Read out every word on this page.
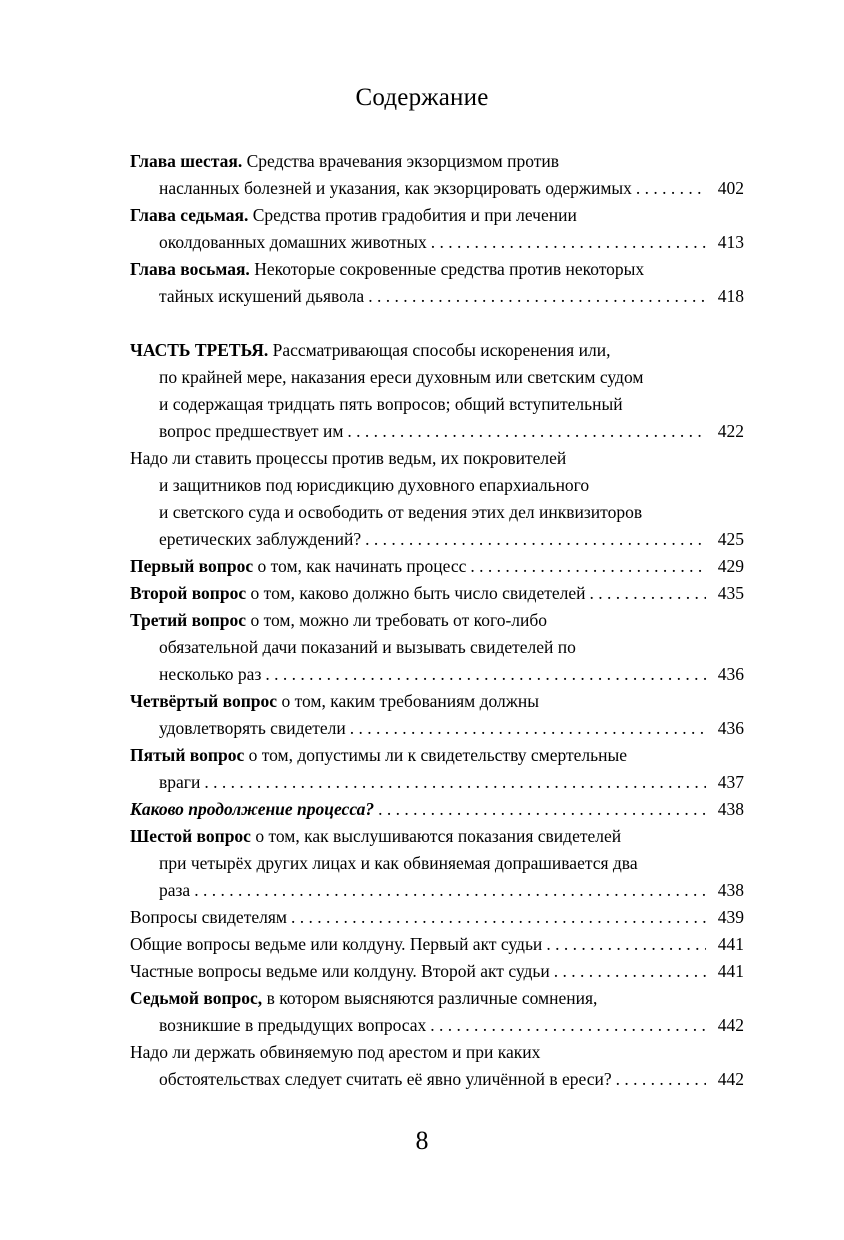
Содержание
Глава шестая. Средства врачевания экзорцизмом против
насланных болезней и указания, как экзорцировать одержимых . . .	402
Глава седьмая. Средства против градобития и при лечении
околдованных домашних животных . . .	413
Глава восьмая. Некоторые сокровенные средства против некоторых
тайных искушений дьявола . . .	418
ЧАСТЬ ТРЕТЬЯ. Рассматривающая способы искоренения или,
по крайней мере, наказания ереси духовным или светским судом
и содержащая тридцать пять вопросов; общий вступительный
вопрос предшествует им . . .	422
Надо ли ставить процессы против ведьм, их покровителей
и защитников под юрисдикцию духовного епархиального
и светского суда и освободить от ведения этих дел инквизиторов
еретических заблуждений? . . .	425
Первый вопрос о том, как начинать процесс . . .	429
Второй вопрос о том, каково должно быть число свидетелей . . .	435
Третий вопрос о том, можно ли требовать от кого-либо
обязательной дачи показаний и вызывать свидетелей по
несколько раз . . .	436
Четвёртый вопрос о том, каким требованиям должны
удовлетворять свидетели . . .	436
Пятый вопрос о том, допустимы ли к свидетельству смертельные
враги . . .	437
Каково продолжение процесса? . . .	438
Шестой вопрос о том, как выслушиваются показания свидетелей
при четырёх других лицах и как обвиняемая допрашивается два
раза . . .	438
Вопросы свидетелям . . .	439
Общие вопросы ведьме или колдуну. Первый акт судьи . . .	441
Частные вопросы ведьме или колдуну. Второй акт судьи . . .	441
Седьмой вопрос, в котором выясняются различные сомнения,
возникшие в предыдущих вопросах . . .	442
Надо ли держать обвиняемую под арестом и при каких
обстоятельствах следует считать её явно уличённой в ереси? . . .	442
8
